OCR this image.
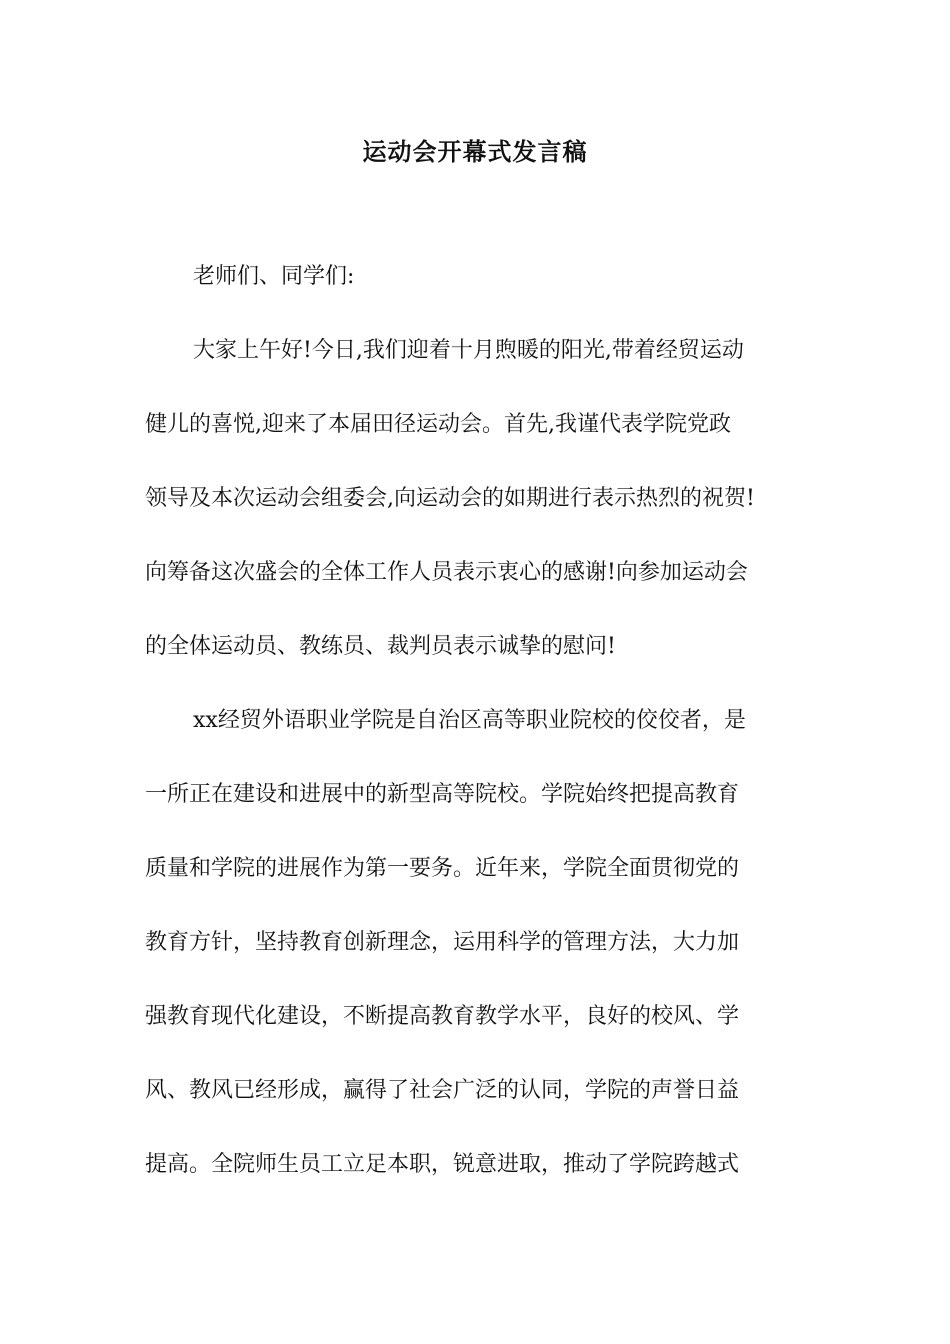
运动会开幕式发言稿
老师们、同学们:
大家上午好!今日,我们迎着十月煦暖的阳光,带着经贸运动
健儿的喜悦,迎来了本届田径运动会。首先,我谨代表学院党政
领导及本次运动会组委会,向运动会的如期进行表示热烈的祝贺!
向筹备这次盛会的全体工作人员表示衷心的感谢!向参加运动会
的全体运动员、教练员、裁判员表示诚挚的慰问!
xx经贸外语职业学院是自治区高等职业院校的佼佼者，是
一所正在建设和进展中的新型高等院校。学院始终把提高教育
质量和学院的进展作为第一要务。近年来，学院全面贯彻党的
教育方针，坚持教育创新理念，运用科学的管理方法，大力加
强教育现代化建设，不断提高教育教学水平，良好的校风、学
风、教风已经形成，赢得了社会广泛的认同，学院的声誉日益
提高。全院师生员工立足本职，锐意进取，推动了学院跨越式
